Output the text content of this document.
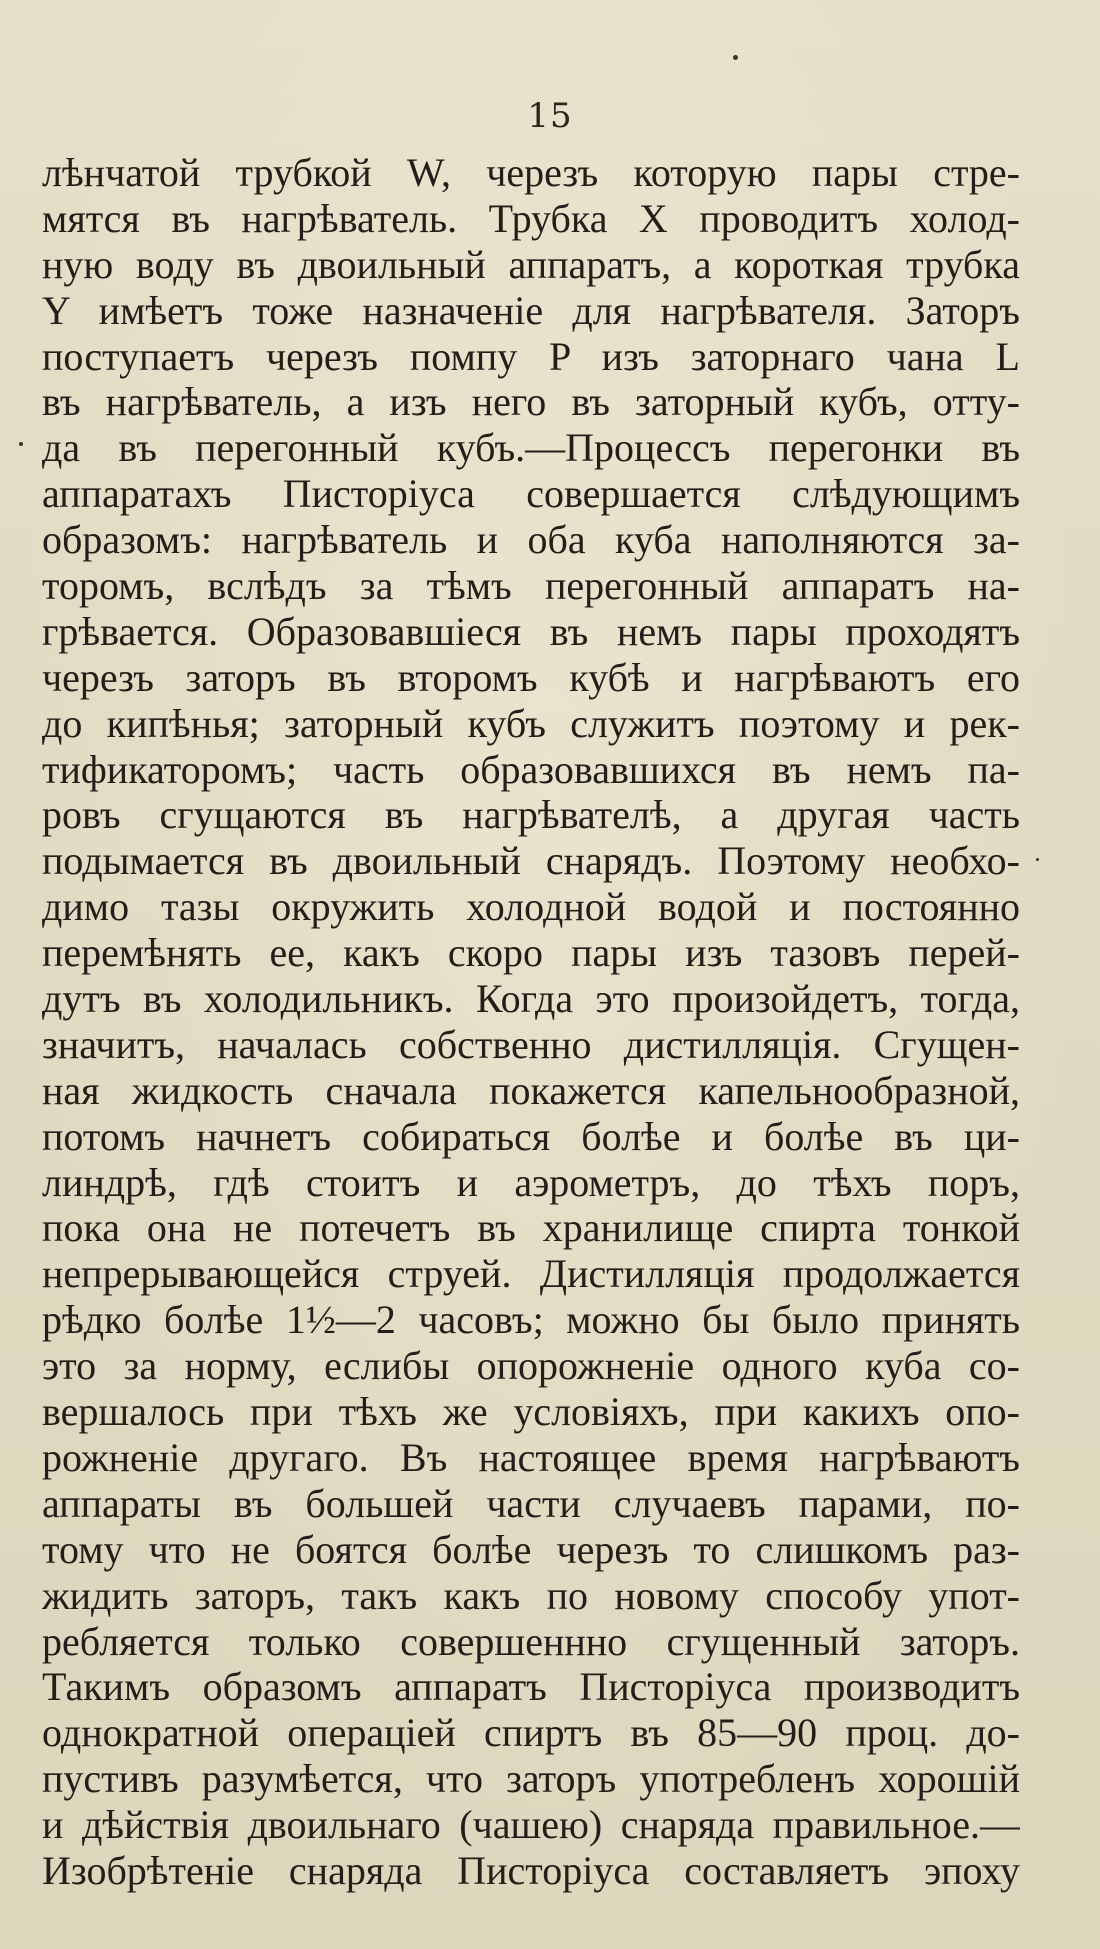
15
лѣнчатой трубкой W, черезъ которую пары стре-
мятся въ нагрѣватель. Трубка X проводитъ холод-
ную воду въ двоильный аппаратъ, а короткая трубка
Y имѣетъ тоже назначенiе для нагрѣвателя. Заторъ
поступаетъ черезъ помпу P изъ заторнаго чана L
въ нагрѣватель, а изъ него въ заторный кубъ, отту-
да въ перегонный кубъ.—Процессъ перегонки въ
аппаратахъ Писторiуса совершается слѣдующимъ
образомъ: нагрѣватель и оба куба наполняются за-
торомъ, вслѣдъ за тѣмъ перегонный аппаратъ на-
грѣвается. Образовавшiеся въ немъ пары проходятъ
черезъ заторъ въ второмъ кубѣ и нагрѣваютъ его
до кипѣнья; заторный кубъ служитъ поэтому и рек-
тификаторомъ; часть образовавшихся въ немъ па-
ровъ сгущаются въ нагрѣвателѣ, а другая часть
подымается въ двоильный снарядъ. Поэтому необхо-
димо тазы окружить холодной водой и постоянно
перемѣнять ее, какъ скоро пары изъ тазовъ перей-
дутъ въ холодильникъ. Когда это произойдетъ, тогда,
значитъ, началась собственно дистилляцiя. Сгущен-
ная жидкость сначала покажется капельнообразной,
потомъ начнетъ собираться болѣе и болѣе въ ци-
линдрѣ, гдѣ стоитъ и аэрометръ, до тѣхъ поръ,
пока она не потечетъ въ хранилище спирта тонкой
непрерывающейся струей. Дистилляцiя продолжается
рѣдко болѣе 1½—2 часовъ; можно бы было принять
это за норму, еслибы опорожненiе одного куба со-
вершалось при тѣхъ же условiяхъ, при какихъ опо-
рожненiе другаго. Въ настоящее время нагрѣваютъ
аппараты въ большей части случаевъ парами, по-
тому что не боятся болѣе черезъ то слишкомъ раз-
жидить заторъ, такъ какъ по новому способу упот-
ребляется только совершеннно сгущенный заторъ.
Такимъ образомъ аппаратъ Писторiуса производитъ
однократной операцiей спиртъ въ 85—90 проц. до-
пустивъ разумѣется, что заторъ употребленъ хорошiй
и дѣйствiя двоильнаго (чашею) снаряда правильное.—
Изобрѣтенiе снаряда Писторiуса составляетъ эпоху
